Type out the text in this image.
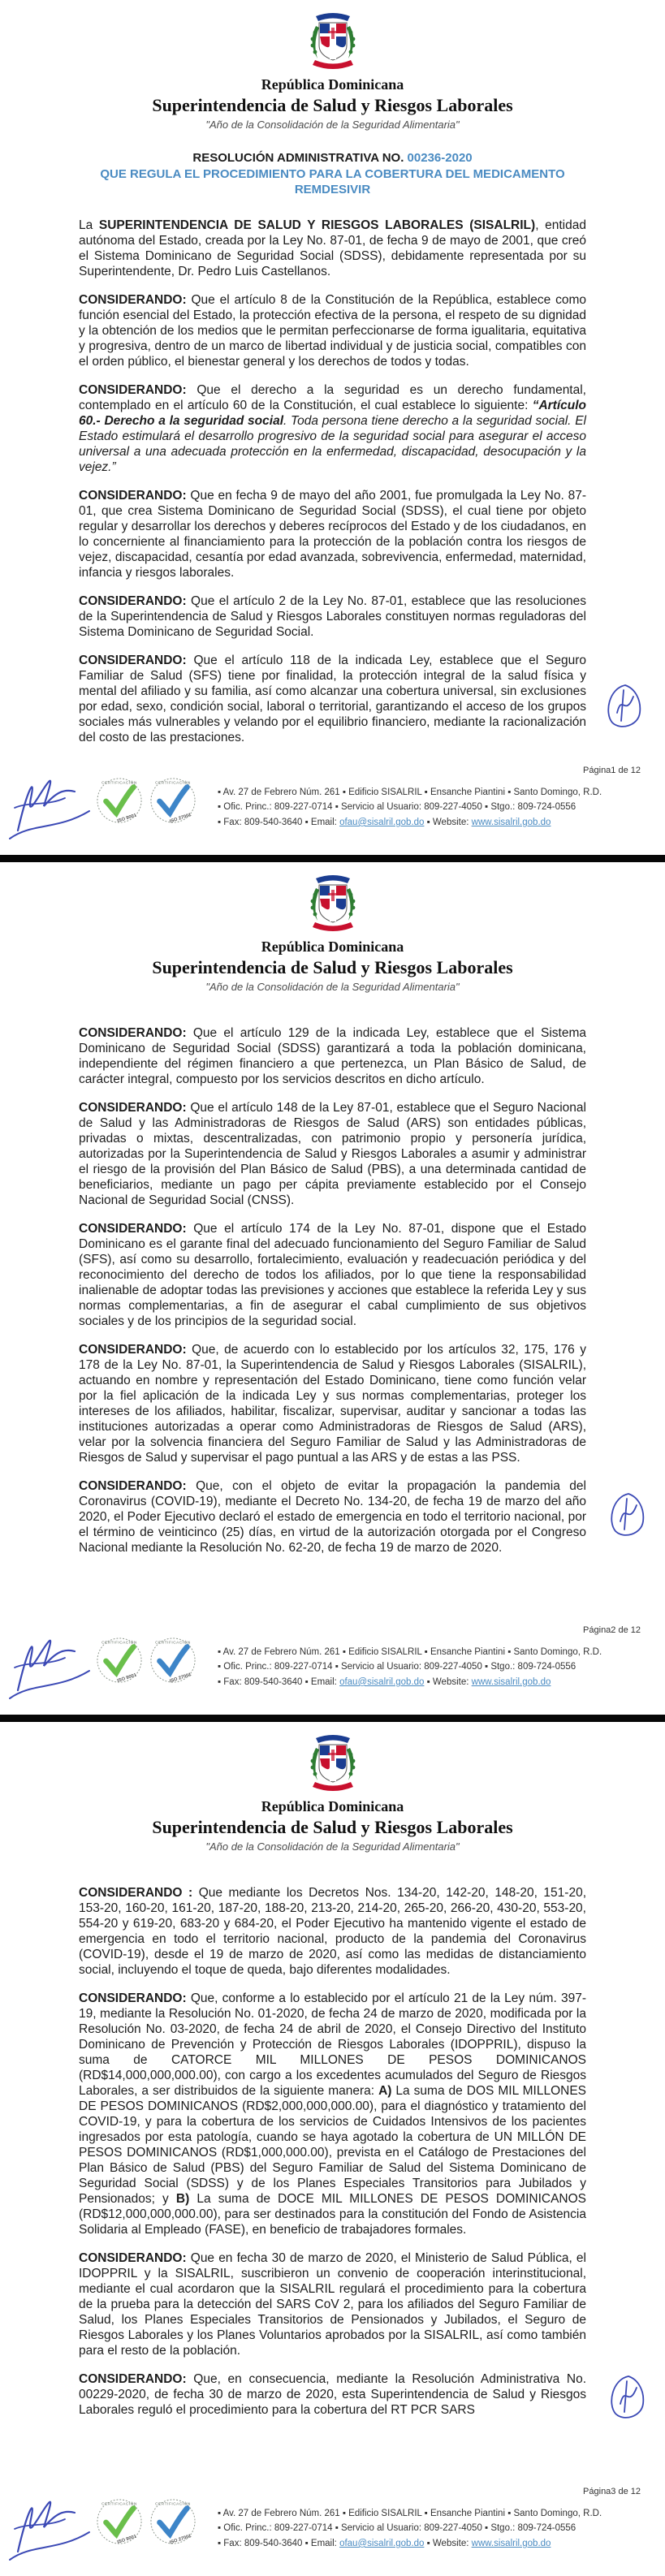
República Dominicana
Superintendencia de Salud y Riesgos Laborales
"Año de la Consolidación de la Seguridad Alimentaria"
RESOLUCIÓN ADMINISTRATIVA NO. 00236-2020
QUE REGULA EL PROCEDIMIENTO PARA LA COBERTURA DEL MEDICAMENTO REMDESIVIR

La SUPERINTENDENCIA DE SALUD Y RIESGOS LABORALES (SISALRIL), entidad autónoma del Estado, creada por la Ley No. 87-01, de fecha 9 de mayo de 2001, que creó el Sistema Dominicano de Seguridad Social (SDSS), debidamente representada por su Superintendente, Dr. Pedro Luis Castellanos.

CONSIDERANDO: Que el artículo 8 de la Constitución de la República, establece como función esencial del Estado, la protección efectiva de la persona, el respeto de su dignidad y la obtención de los medios que le permitan perfeccionarse de forma igualitaria, equitativa y progresiva, dentro de un marco de libertad individual y de justicia social, compatibles con el orden público, el bienestar general y los derechos de todos y todas.

CONSIDERANDO: Que el derecho a la seguridad es un derecho fundamental, contemplado en el artículo 60 de la Constitución, el cual establece lo siguiente: “Artículo 60.- Derecho a la seguridad social. Toda persona tiene derecho a la seguridad social. El Estado estimulará el desarrollo progresivo de la seguridad social para asegurar el acceso universal a una adecuada protección en la enfermedad, discapacidad, desocupación y la vejez.”

CONSIDERANDO: Que en fecha 9 de mayo del año 2001, fue promulgada la Ley No. 87-01, que crea Sistema Dominicano de Seguridad Social (SDSS), el cual tiene por objeto regular y desarrollar los derechos y deberes recíprocos del Estado y de los ciudadanos, en lo concerniente al financiamiento para la protección de la población contra los riesgos de vejez, discapacidad, cesantía por edad avanzada, sobrevivencia, enfermedad, maternidad, infancia y riesgos laborales.

CONSIDERANDO: Que el artículo 2 de la Ley No. 87-01, establece que las resoluciones de la Superintendencia de Salud y Riesgos Laborales constituyen normas reguladoras del Sistema Dominicano de Seguridad Social.

CONSIDERANDO: Que el artículo 118 de la indicada Ley, establece que el Seguro Familiar de Salud (SFS) tiene por finalidad, la protección integral de la salud física y mental del afiliado y su familia, así como alcanzar una cobertura universal, sin exclusiones por edad, sexo, condición social, laboral o territorial, garantizando el acceso de los grupos sociales más vulnerables y velando por el equilibrio financiero, mediante la racionalización del costo de las prestaciones.

Página1 de 12
CERTIFICACIÓN
ISO 9001
CERTIFICACIÓN
ISO 27001
▪ Av. 27 de Febrero Núm. 261 ▪ Edificio SISALRIL ▪ Ensanche Piantini ▪ Santo Domingo, R.D.
▪ Ofic. Princ.: 809-227-0714 ▪ Servicio al Usuario: 809-227-4050 ▪ Stgo.: 809-724-0556
▪ Fax: 809-540-3640 ▪ Email: ofau@sisalril.gob.do ▪ Website: www.sisalril.gob.do
República Dominicana
Superintendencia de Salud y Riesgos Laborales
"Año de la Consolidación de la Seguridad Alimentaria"

CONSIDERANDO: Que el artículo 129 de la indicada Ley, establece que el Sistema Dominicano de Seguridad Social (SDSS) garantizará a toda la población dominicana, independiente del régimen financiero a que pertenezca, un Plan Básico de Salud, de carácter integral, compuesto por los servicios descritos en dicho artículo.

CONSIDERANDO: Que el artículo 148 de la Ley 87-01, establece que el Seguro Nacional de Salud y las Administradoras de Riesgos de Salud (ARS) son entidades públicas, privadas o mixtas, descentralizadas, con patrimonio propio y personería jurídica, autorizadas por la Superintendencia de Salud y Riesgos Laborales a asumir y administrar el riesgo de la provisión del Plan Básico de Salud (PBS), a una determinada cantidad de beneficiarios, mediante un pago per cápita previamente establecido por el Consejo Nacional de Seguridad Social (CNSS).

CONSIDERANDO: Que el artículo 174 de la Ley No. 87-01, dispone que el Estado Dominicano es el garante final del adecuado funcionamiento del Seguro Familiar de Salud (SFS), así como su desarrollo, fortalecimiento, evaluación y readecuación periódica y del reconocimiento del derecho de todos los afiliados, por lo que tiene la responsabilidad inalienable de adoptar todas las previsiones y acciones que establece la referida Ley y sus normas complementarias, a fin de asegurar el cabal cumplimiento de sus objetivos sociales y de los principios de la seguridad social.

CONSIDERANDO: Que, de acuerdo con lo establecido por los artículos 32, 175, 176 y 178 de la Ley No. 87-01, la Superintendencia de Salud y Riesgos Laborales (SISALRIL), actuando en nombre y representación del Estado Dominicano, tiene como función velar por la fiel aplicación de la indicada Ley y sus normas complementarias, proteger los intereses de los afiliados, habilitar, fiscalizar, supervisar, auditar y sancionar a todas las instituciones autorizadas a operar como Administradoras de Riesgos de Salud (ARS), velar por la solvencia financiera del Seguro Familiar de Salud y las Administradoras de Riesgos de Salud y supervisar el pago puntual a las ARS y de estas a las PSS.

CONSIDERANDO: Que, con el objeto de evitar la propagación la pandemia del Coronavirus (COVID-19), mediante el Decreto No. 134-20, de fecha 19 de marzo del año 2020, el Poder Ejecutivo declaró el estado de emergencia en todo el territorio nacional, por el término de veinticinco (25) días, en virtud de la autorización otorgada por el Congreso Nacional mediante la Resolución No. 62-20, de fecha 19 de marzo de 2020.

Página2 de 12
CERTIFICACIÓN
ISO 9001
CERTIFICACIÓN
ISO 27001
▪ Av. 27 de Febrero Núm. 261 ▪ Edificio SISALRIL ▪ Ensanche Piantini ▪ Santo Domingo, R.D.
▪ Ofic. Princ.: 809-227-0714 ▪ Servicio al Usuario: 809-227-4050 ▪ Stgo.: 809-724-0556
▪ Fax: 809-540-3640 ▪ Email: ofau@sisalril.gob.do ▪ Website: www.sisalril.gob.do
República Dominicana
Superintendencia de Salud y Riesgos Laborales
"Año de la Consolidación de la Seguridad Alimentaria"

CONSIDERANDO : Que mediante los Decretos Nos. 134-20, 142-20, 148-20, 151-20, 153-20, 160-20, 161-20, 187-20, 188-20, 213-20, 214-20, 265-20, 266-20, 430-20, 553-20, 554-20 y 619-20, 683-20 y 684-20, el Poder Ejecutivo ha mantenido vigente el estado de emergencia en todo el territorio nacional, producto de la pandemia del Coronavirus (COVID-19), desde el 19 de marzo de 2020, así como las medidas de distanciamiento social, incluyendo el toque de queda, bajo diferentes modalidades.

CONSIDERANDO: Que, conforme a lo establecido por el artículo 21 de la Ley núm. 397-19, mediante la Resolución No. 01-2020, de fecha 24 de marzo de 2020, modificada por la Resolución No. 03-2020, de fecha 24 de abril de 2020, el Consejo Directivo del Instituto Dominicano de Prevención y Protección de Riesgos Laborales (IDOPPRIL), dispuso la suma de CATORCE MIL MILLONES DE PESOS DOMINICANOS (RD$14,000,000,000.00), con cargo a los excedentes acumulados del Seguro de Riesgos Laborales, a ser distribuidos de la siguiente manera: A) La suma de DOS MIL MILLONES DE PESOS DOMINICANOS (RD$2,000,000,000.00), para el diagnóstico y tratamiento del COVID-19, y para la cobertura de los servicios de Cuidados Intensivos de los pacientes ingresados por esta patología, cuando se haya agotado la cobertura de UN MILLÓN DE PESOS DOMINICANOS (RD$1,000,000.00), prevista en el Catálogo de Prestaciones del Plan Básico de Salud (PBS) del Seguro Familiar de Salud del Sistema Dominicano de Seguridad Social (SDSS) y de los Planes Especiales Transitorios para Jubilados y Pensionados; y B) La suma de DOCE MIL MILLONES DE PESOS DOMINICANOS (RD$12,000,000,000.00), para ser destinados para la constitución del Fondo de Asistencia Solidaria al Empleado (FASE), en beneficio de trabajadores formales.

CONSIDERANDO: Que en fecha 30 de marzo de 2020, el Ministerio de Salud Pública, el IDOPPRIL y la SISALRIL, suscribieron un convenio de cooperación interinstitucional, mediante el cual acordaron que la SISALRIL regulará el procedimiento para la cobertura de la prueba para la detección del SARS CoV 2, para los afiliados del Seguro Familiar de Salud, los Planes Especiales Transitorios de Pensionados y Jubilados, el Seguro de Riesgos Laborales y los Planes Voluntarios aprobados por la SISALRIL, así como también para el resto de la población.

CONSIDERANDO: Que, en consecuencia, mediante la Resolución Administrativa No. 00229-2020, de fecha 30 de marzo de 2020, esta Superintendencia de Salud y Riesgos Laborales reguló el procedimiento para la cobertura del RT PCR SARS

Página3 de 12
CERTIFICACIÓN
ISO 9001
CERTIFICACIÓN
ISO 27001
▪ Av. 27 de Febrero Núm. 261 ▪ Edificio SISALRIL ▪ Ensanche Piantini ▪ Santo Domingo, R.D.
▪ Ofic. Princ.: 809-227-0714 ▪ Servicio al Usuario: 809-227-4050 ▪ Stgo.: 809-724-0556
▪ Fax: 809-540-3640 ▪ Email: ofau@sisalril.gob.do ▪ Website: www.sisalril.gob.do
